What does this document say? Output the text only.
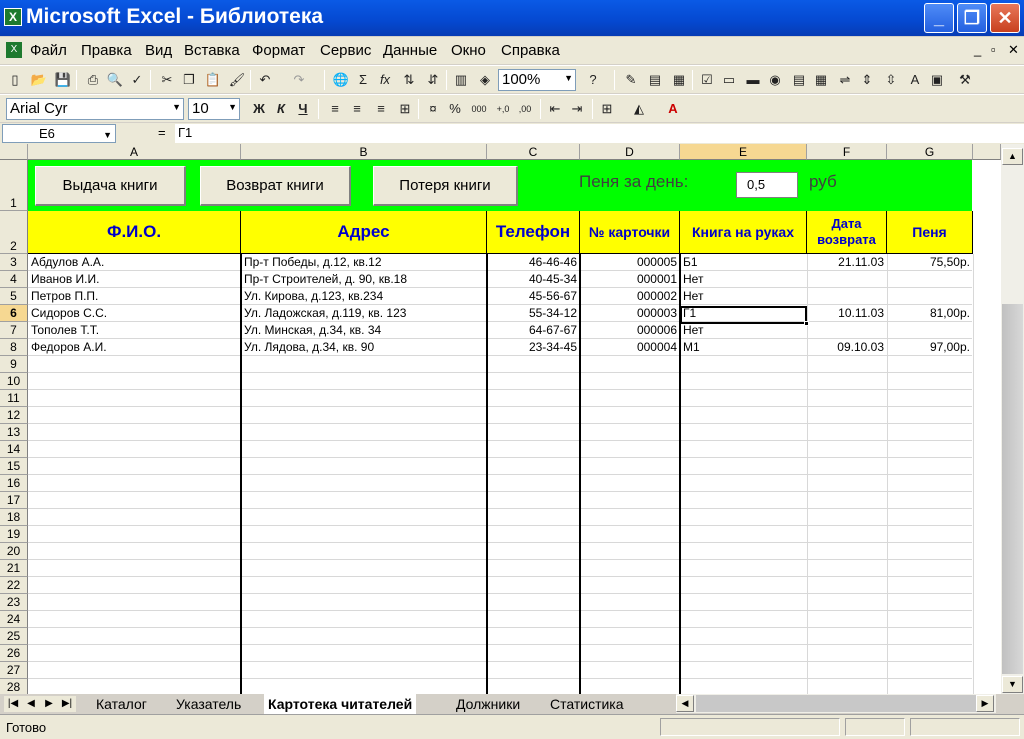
X Microsoft Excel - Библиотека	_	❐ ✕
X Файл Правка Вид Вставка Формат Сервис Данные Окно Справка	_ ▫ ✕
▯ 📂 💾 ⎙ 🔍 ✓ ✂ ❐ 📋 🖌 ↶ ↷ 🌐 Σ fx	⇅ ⇵ ▥ ◈ 100%	▼	?	✎ ▤ ▦ ☑ ▭ ▬ ◉ ▤ ▦ ⇌ ⇕ ⇳	A ▣ ⚒
Arial Cyr	▼ 10 ▼ Ж К	Ч	≡	≡	≡	⊞	¤ %	000 +,0	,00 ⇤ ⇥ ⊞	◭	A
E6	▼	= Г1
A	B	C	D	E	F	G
1
2
3
4
5
6
7
8
9
10
11
12
13
14
15
16
17
18
19
20
21
22
23
24
25
26
27
28
Выдача книги	Возврат книги	Потеря книги	Пеня за день:	0,5	руб
Ф.И.О.	Адрес	Телефон	№ карточки	Книга на руках
Дата возврата	Пеня
Абдулов А.А.	Пр-т Победы, д.12, кв.12	46-46-46	000005 Б1	21.11.03	75,50р.
Иванов И.И.	Пр-т Строителей, д. 90, кв.18	40-45-34	000001 Нет
Петров П.П.	Ул. Кирова, д.123, кв.234	45-56-67	000002 Нет
Сидоров С.С.	Ул. Ладожская, д.119, кв. 123	55-34-12	000003 Г1	10.11.03	81,00р.
Тополев Т.Т.	Ул. Минская, д.34, кв. 34	64-67-67	000006 Нет
Федоров А.И.	Ул. Лядова, д.34, кв. 90	23-34-45	000004 М1	09.10.03	97,00р.
▲
▼
|◀ ◀	▶ ▶| Каталог Указатель Картотека читателей	Должники Статистика	◀	▶
Готово
